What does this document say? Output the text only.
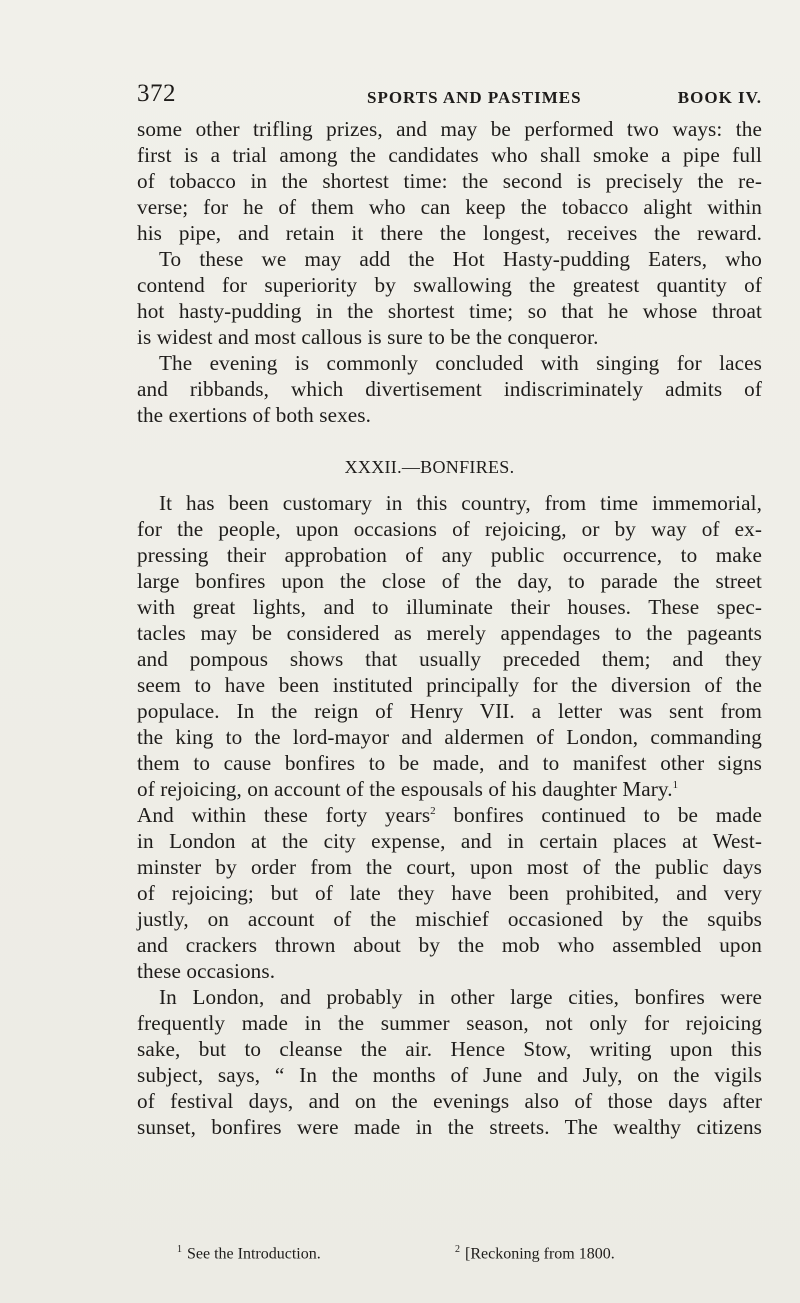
372	SPORTS AND PASTIMES	BOOK IV.
some other trifling prizes, and may be performed two ways: the
first is a trial among the candidates who shall smoke a pipe full
of tobacco in the shortest time: the second is precisely the re-
verse; for he of them who can keep the tobacco alight within
his pipe, and retain it there the longest, receives the reward.
To these we may add the Hot Hasty-pudding Eaters, who
contend for superiority by swallowing the greatest quantity of
hot hasty-pudding in the shortest time; so that he whose throat
is widest and most callous is sure to be the conqueror.
The evening is commonly concluded with singing for laces
and ribbands, which divertisement indiscriminately admits of
the exertions of both sexes.
XXXII.—BONFIRES.
It has been customary in this country, from time immemorial,
for the people, upon occasions of rejoicing, or by way of ex-
pressing their approbation of any public occurrence, to make
large bonfires upon the close of the day, to parade the street
with great lights, and to illuminate their houses. These spec-
tacles may be considered as merely appendages to the pageants
and pompous shows that usually preceded them; and they
seem to have been instituted principally for the diversion of the
populace. In the reign of Henry VII. a letter was sent from
the king to the lord-mayor and aldermen of London, commanding
them to cause bonfires to be made, and to manifest other signs
of rejoicing, on account of the espousals of his daughter Mary.$^1$
And within these forty years$^2$ bonfires continued to be made
in London at the city expense, and in certain places at West-
minster by order from the court, upon most of the public days
of rejoicing; but of late they have been prohibited, and very
justly, on account of the mischief occasioned by the squibs
and crackers thrown about by the mob who assembled upon
these occasions.
In London, and probably in other large cities, bonfires were
frequently made in the summer season, not only for rejoicing
sake, but to cleanse the air. Hence Stow, writing upon this
subject, says, “ In the months of June and July, on the vigils
of festival days, and on the evenings also of those days after
sunset, bonfires were made in the streets. The wealthy citizens
$^1$ See the Introduction.	$^2$ [Reckoning from 1800.
